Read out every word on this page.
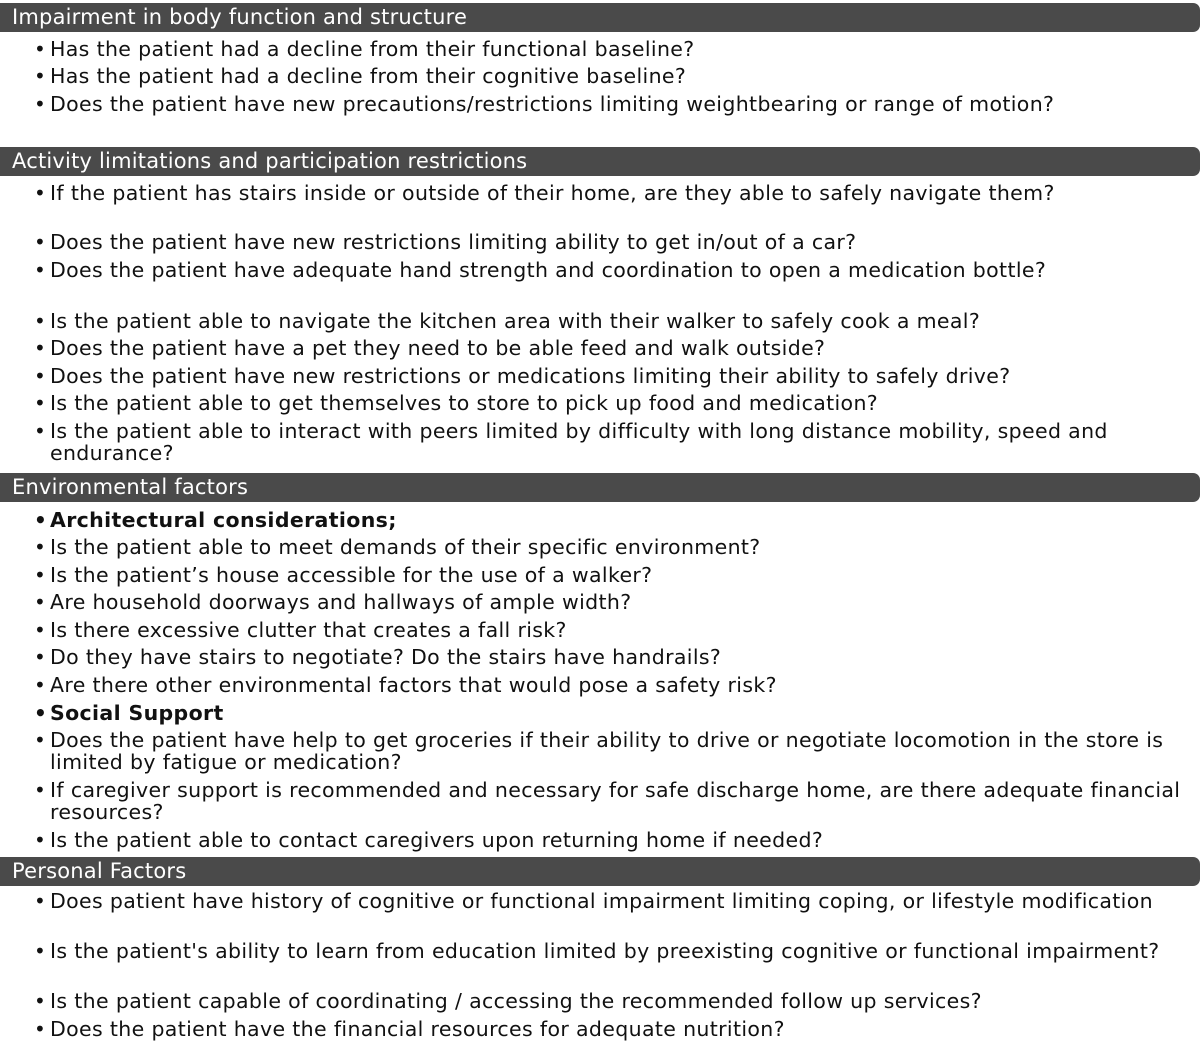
Impairment in body function and structure
• Has the patient had a decline from their functional baseline?
• Has the patient had a decline from their cognitive baseline?
• Does the patient have new precautions/restrictions limiting weightbearing or range of motion?
Activity limitations and participation restrictions
• If the patient has stairs inside or outside of their home, are they able to safely navigate them?
• Does the patient have new restrictions limiting ability to get in/out of a car?
• Does the patient have adequate hand strength and coordination to open a medication bottle?
• Is the patient able to navigate the kitchen area with their walker to safely cook a meal?
• Does the patient have a pet they need to be able feed and walk outside?
• Does the patient have new restrictions or medications limiting their ability to safely drive?
• Is the patient able to get themselves to store to pick up food and medication?
• Is the patient able to interact with peers limited by difficulty with long distance mobility, speed and endurance?
Environmental factors
• Architectural considerations;
• Is the patient able to meet demands of their specific environment?
• Is the patient’s house accessible for the use of a walker?
• Are household doorways and hallways of ample width?
• Is there excessive clutter that creates a fall risk?
• Do they have stairs to negotiate? Do the stairs have handrails?
• Are there other environmental factors that would pose a safety risk?
• Social Support
• Does the patient have help to get groceries if their ability to drive or negotiate locomotion in the store is limited by fatigue or medication?
• If caregiver support is recommended and necessary for safe discharge home, are there adequate financial resources?
• Is the patient able to contact caregivers upon returning home if needed?
Personal Factors
• Does patient have history of cognitive or functional impairment limiting coping, or lifestyle modification
• Is the patient's ability to learn from education limited by preexisting cognitive or functional impairment?
• Is the patient capable of coordinating / accessing the recommended follow up services?
• Does the patient have the financial resources for adequate nutrition?
